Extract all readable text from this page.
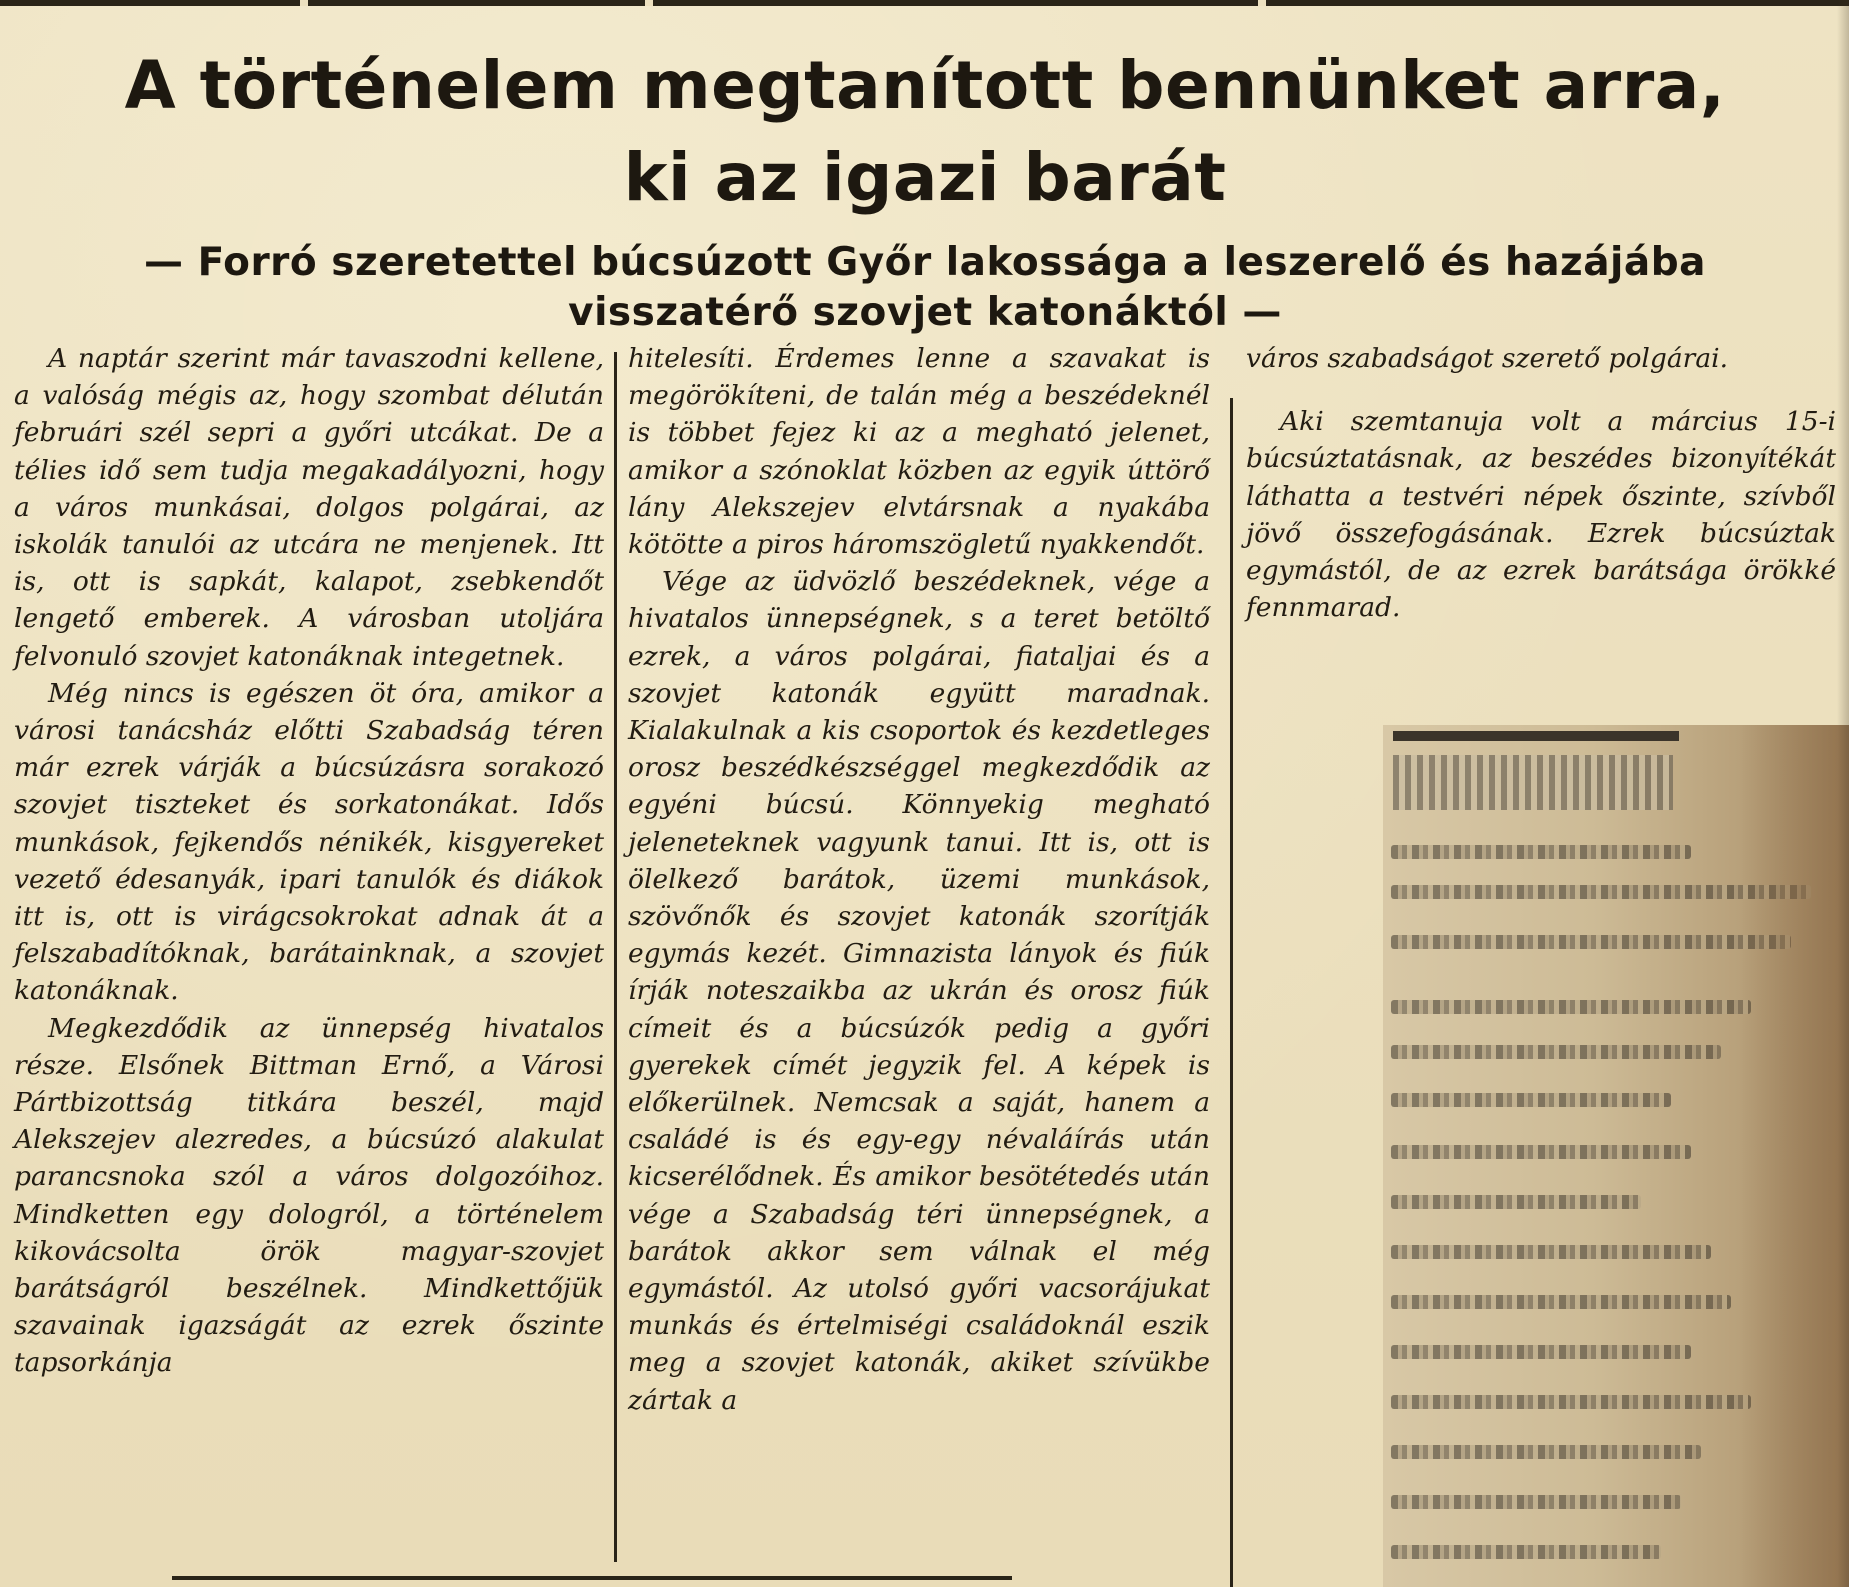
A történelem megtanított bennünket arra,
ki az igazi barát
— Forró szeretettel búcsúzott Győr lakossága a leszerelő és hazájába
visszatérő szovjet katonáktól —

A naptár szerint már tavaszodni kellene, a valóság mégis az, hogy szombat délután februári szél sepri a győri utcákat. De a télies idő sem tudja megakadályozni, hogy a város munkásai, dolgos polgárai, az iskolák tanulói az utcára ne menjenek. Itt is, ott is sapkát, kalapot, zsebkendőt lengető emberek. A városban utoljára felvonuló szovjet katonáknak integetnek.

Még nincs is egészen öt óra, amikor a városi tanácsház előtti Szabadság téren már ezrek várják a búcsúzásra sorakozó szovjet tiszteket és sorkatonákat. Idős munkások, fejkendős nénikék, kisgyereket vezető édesanyák, ipari tanulók és diákok itt is, ott is virágcsokrokat adnak át a felszabadítóknak, barátainknak, a szovjet katonáknak.

Megkezdődik az ünnepség hivatalos része. Elsőnek Bittman Ernő, a Városi Pártbizottság titkára beszél, majd Alekszejev alezredes, a búcsúzó alakulat parancsnoka szól a város dolgozóihoz. Mindketten egy dologról, a történelem kikovácsolta örök magyar-szovjet barátságról beszélnek. Mindkettőjük szavainak igazságát az ezrek őszinte tapsorkánja

hitelesíti. Érdemes lenne a szavakat is megörökíteni, de talán még a beszédeknél is többet fejez ki az a megható jelenet, amikor a szónoklat közben az egyik úttörő lány Alekszejev elvtársnak a nyakába kötötte a piros háromszögletű nyakkendőt.

Vége az üdvözlő beszédeknek, vége a hivatalos ünnepségnek, s a teret betöltő ezrek, a város polgárai, fiataljai és a szovjet katonák együtt maradnak. Kialakulnak a kis csoportok és kezdetleges orosz beszédkészséggel megkezdődik az egyéni búcsú. Könnyekig megható jeleneteknek vagyunk tanui. Itt is, ott is ölelkező barátok, üzemi munkások, szövőnők és szovjet katonák szorítják egymás kezét. Gimnazista lányok és fiúk írják noteszaikba az ukrán és orosz fiúk címeit és a búcsúzók pedig a győri gyerekek címét jegyzik fel. A képek is előkerülnek. Nemcsak a saját, hanem a családé is és egy-egy névaláírás után kicserélődnek. És amikor besötétedés után vége a Szabadság téri ünnepségnek, a barátok akkor sem válnak el még egymástól. Az utolsó győri vacsorájukat munkás és értelmiségi családoknál eszik meg a szovjet katonák, akiket szívükbe zártak a

város szabadságot szerető polgárai.

Aki szemtanuja volt a március 15-i búcsúztatásnak, az beszédes bizonyítékát láthatta a testvéri népek őszinte, szívből jövő összefogásának. Ezrek búcsúztak egymástól, de az ezrek barátsága örökké fennmarad.
